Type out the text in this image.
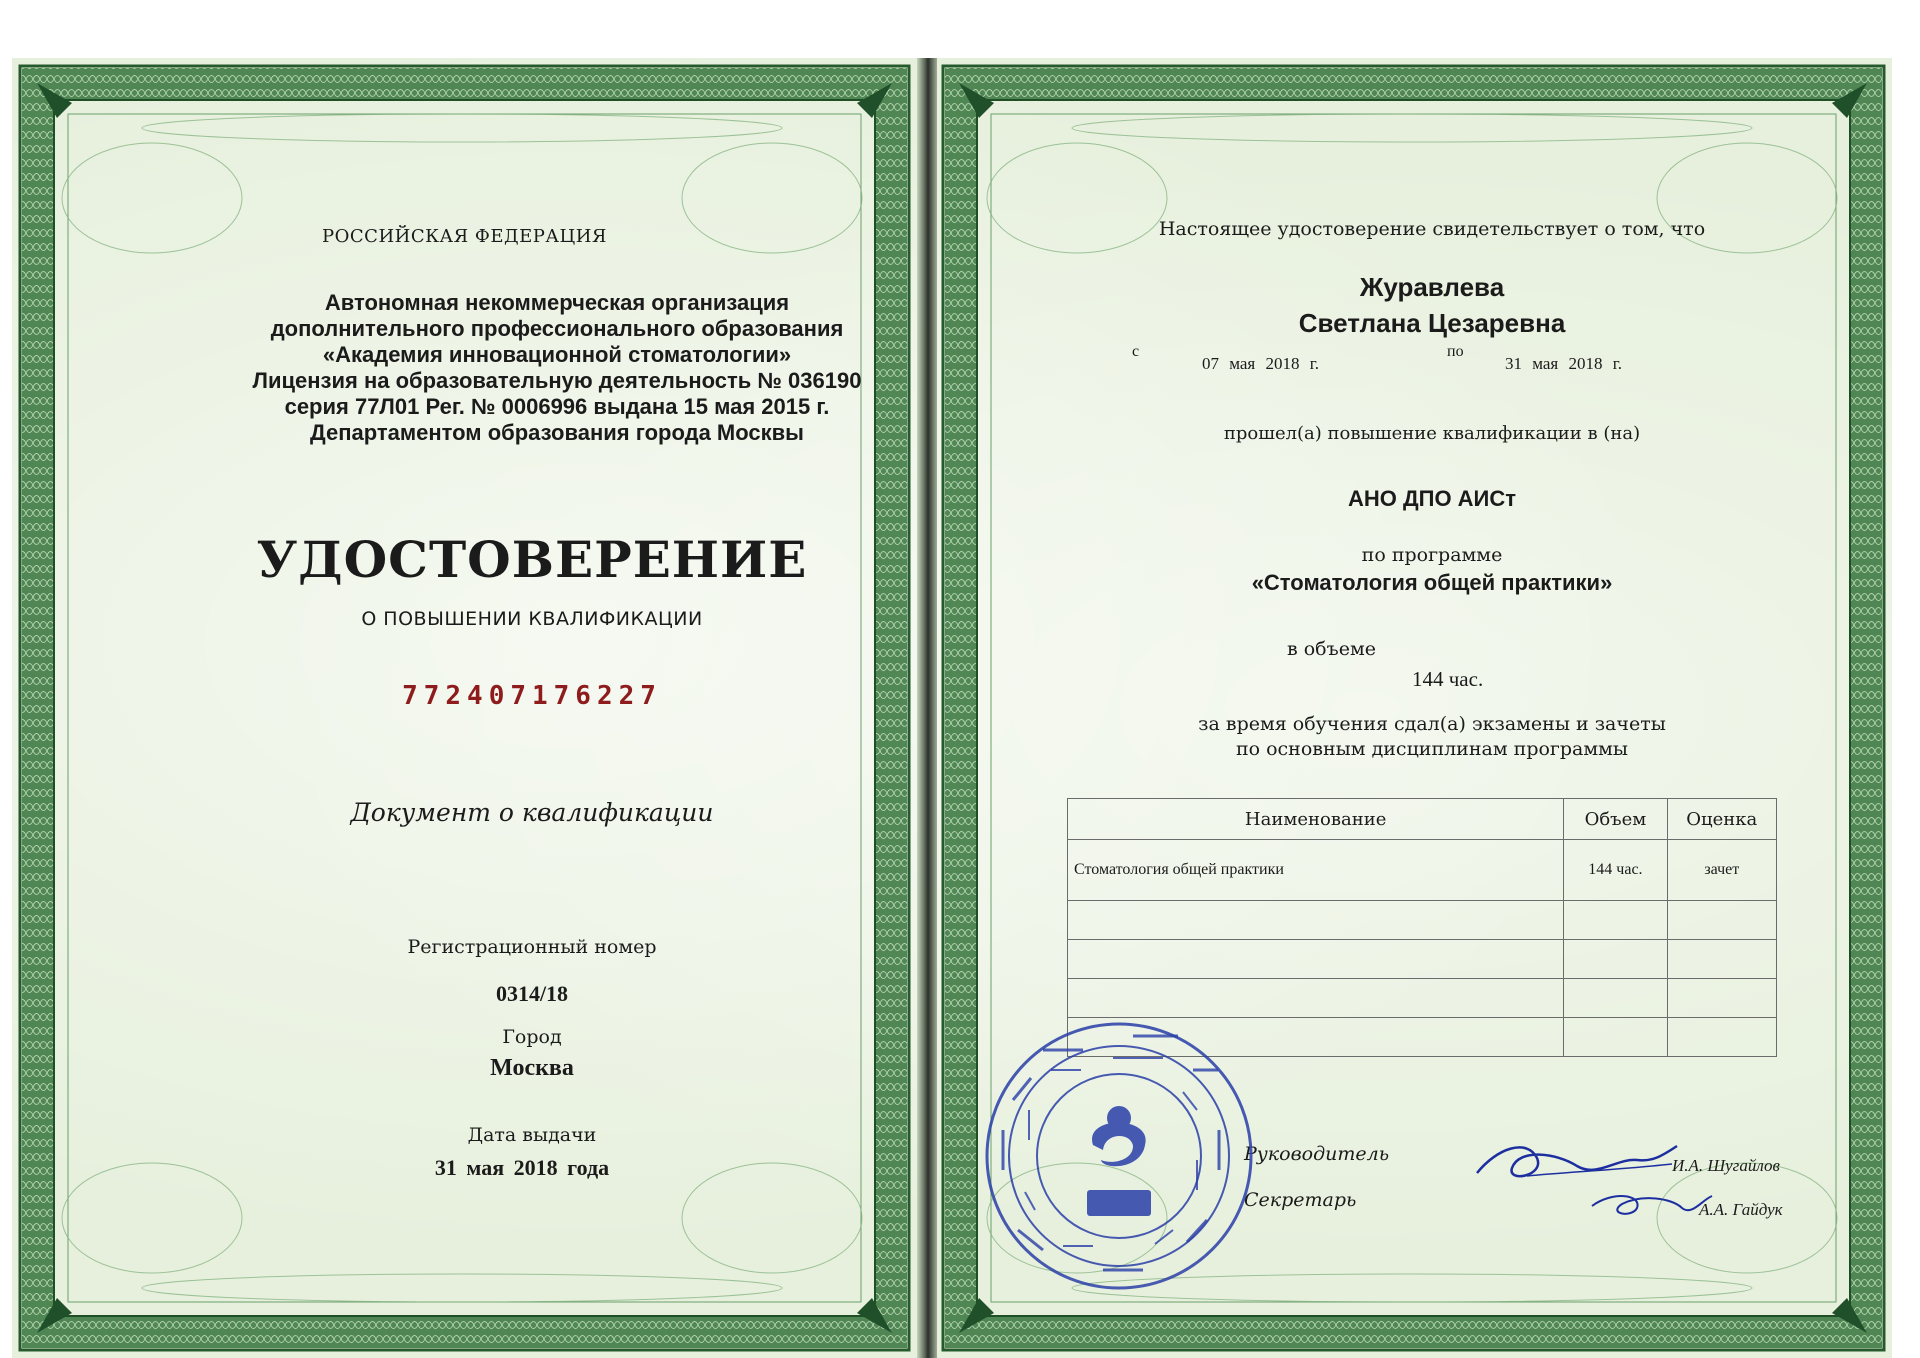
РОССИЙСКАЯ ФЕДЕРАЦИЯ
Автономная некоммерческая организация
дополнительного профессионального образования
«Академия инновационной стоматологии»
Лицензия на образовательную деятельность № 036190
серия 77Л01 Рег. № 0006996 выдана 15 мая 2015 г.
Департаментом образования города Москвы
УДОСТОВЕРЕНИЕ
О ПОВЫШЕНИИ КВАЛИФИКАЦИИ
772407176227
Документ о квалификации
Регистрационный номер
0314/18
Город
Москва
Дата выдачи
31 мая 2018 года
Настоящее удостоверение свидетельствует о том, что
Журавлева
Светлана Цезаревна
с
07 мая 2018 г.
по
31 мая 2018 г.
прошел(а) повышение квалификации в (на)
АНО ДПО АИСт
по программе
«Стоматология общей практики»
в объеме
144 час.
за время обучения сдал(а) экзамены и зачеты
по основным дисциплинам программы
Наименование	Объем	Оценка
Стоматология общей практики	144 час.	зачет

Руководитель
Секретарь
И.А. Шугайлов
А.А. Гайдук
